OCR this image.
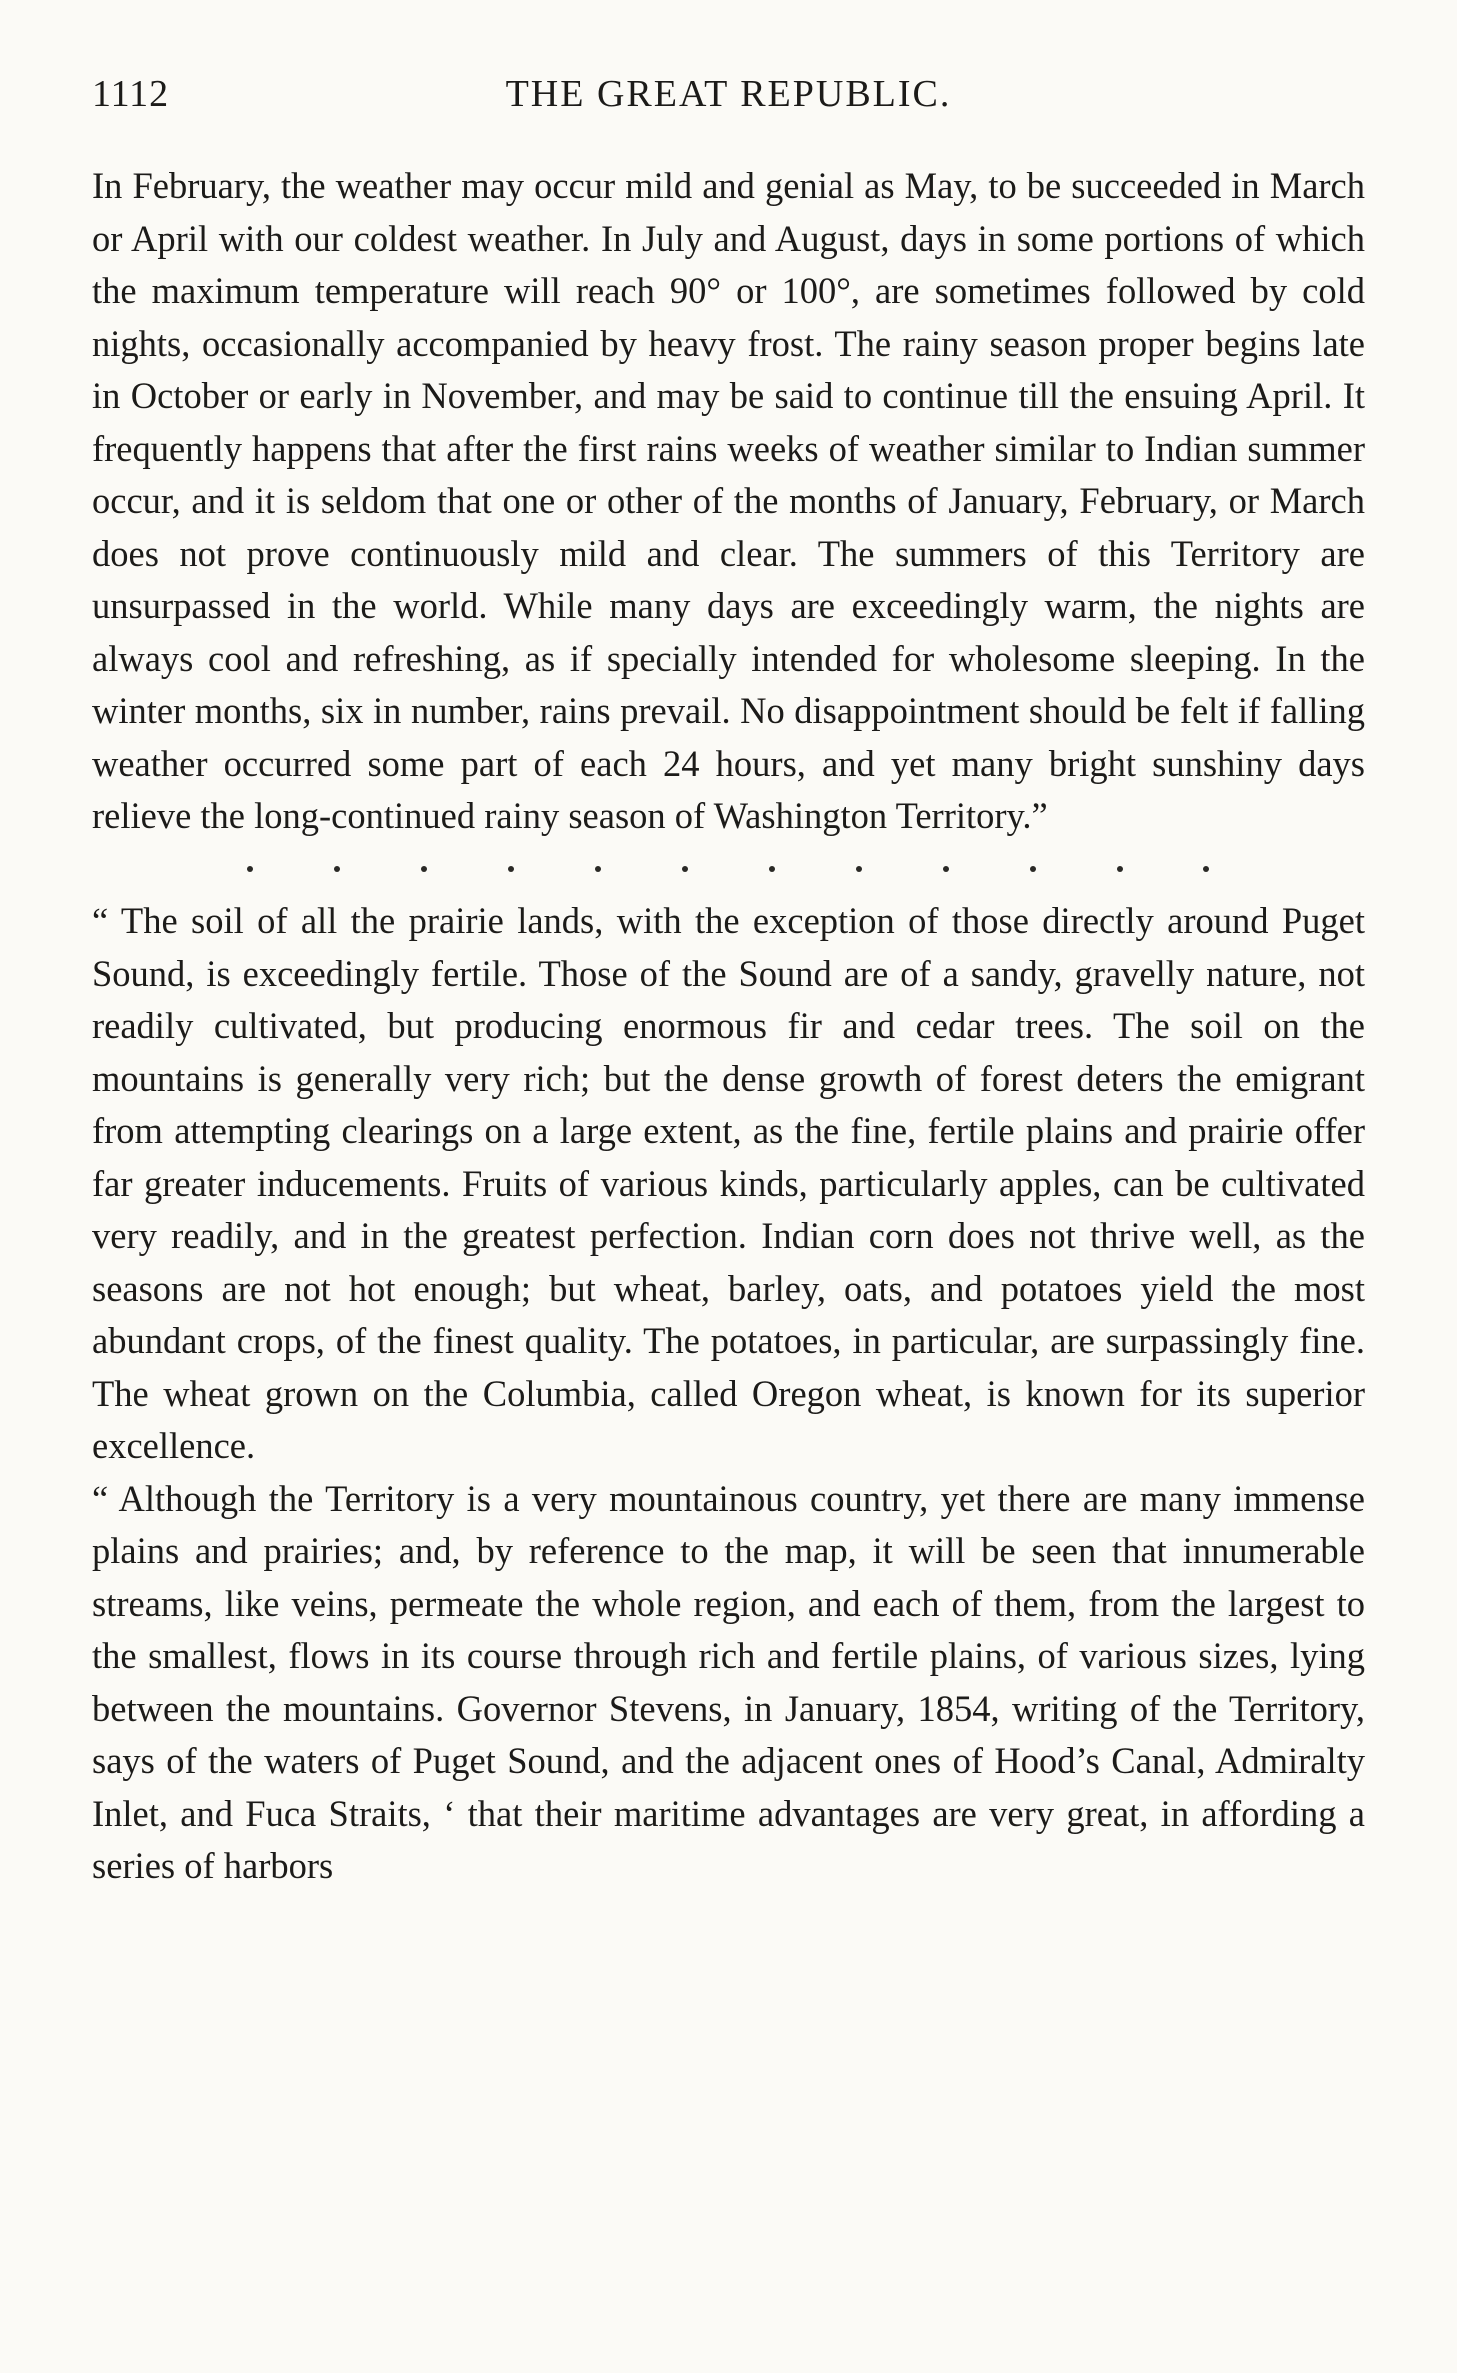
1112	THE GREAT REPUBLIC.

In February, the weather may occur mild and genial as May, to be succeeded in March or April with our coldest weather. In July and August, days in some portions of which the maximum temperature will reach 90° or 100°, are sometimes followed by cold nights, occasionally accompanied by heavy frost. The rainy season proper begins late in October or early in November, and may be said to continue till the ensuing April. It frequently happens that after the first rains weeks of weather similar to Indian summer occur, and it is seldom that one or other of the months of January, February, or March does not prove continuously mild and clear. The summers of this Territory are unsurpassed in the world. While many days are exceedingly warm, the nights are always cool and refreshing, as if specially intended for wholesome sleeping. In the winter months, six in number, rains prevail. No disappointment should be felt if falling weather occurred some part of each 24 hours, and yet many bright sunshiny days relieve the long-continued rainy season of Washington Territory.”

“ The soil of all the prairie lands, with the exception of those directly around Puget Sound, is exceedingly fertile. Those of the Sound are of a sandy, gravelly nature, not readily cultivated, but producing enormous fir and cedar trees. The soil on the mountains is generally very rich; but the dense growth of forest deters the emigrant from attempting clearings on a large extent, as the fine, fertile plains and prairie offer far greater inducements. Fruits of various kinds, particularly apples, can be cultivated very readily, and in the greatest perfection. Indian corn does not thrive well, as the seasons are not hot enough; but wheat, barley, oats, and potatoes yield the most abundant crops, of the finest quality. The potatoes, in particular, are surpassingly fine. The wheat grown on the Columbia, called Oregon wheat, is known for its superior excellence.

“ Although the Territory is a very mountainous country, yet there are many immense plains and prairies; and, by reference to the map, it will be seen that innumerable streams, like veins, permeate the whole region, and each of them, from the largest to the smallest, flows in its course through rich and fertile plains, of various sizes, lying between the mountains. Governor Stevens, in January, 1854, writing of the Territory, says of the waters of Puget Sound, and the adjacent ones of Hood’s Canal, Admiralty Inlet, and Fuca Straits, ‘ that their maritime advantages are very great, in affording a series of harbors
